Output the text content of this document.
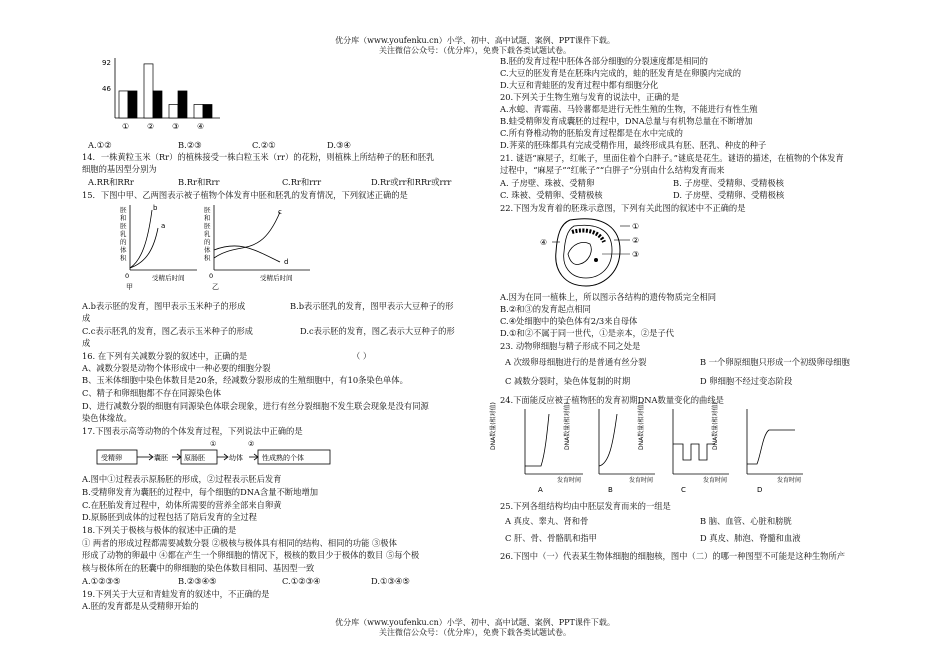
优分库（www.youfenku.cn）小学、初中、高中试题、案例、PPT课件下载。
关注微信公众号：（优分库），免费下载各类试题试卷。
92
46
① ② ③ ④
A.①②	B.②③	C.②①	D.③④
14．一株黄粒玉米（Rr）的植株接受一株白粒玉米（rr）的花粉，则植株上所结种子的胚和胚乳
细胞的基因型分别为
A.RR和RRr	B.Rr和Rrr	C.Rr和rrr	D.Rr或rr和RRr或rrr
15．下图中甲、乙两图表示被子植物个体发育中胚和胚乳的发育情况，下列叙述正确的是
胚
和
胚
乳
的
体
积
b
a
0	受精后时间
甲
胚
和
胚
乳
的
体
积
c
d
0	受精后时间
乙
A.b表示胚的发育，图甲表示玉米种子的形成	B.b表示胚乳的发育，图甲表示大豆种子的形
成
C.c表示胚乳的发育，图乙表示玉米种子的形成	D.c表示胚的发育，图乙表示大豆种子的形
成
16. 在下列有关减数分裂的叙述中，正确的是	（ ）
A、减数分裂是动物个体形成中一种必要的细胞分裂
B、玉米体细胞中染色体数目是20条，经减数分裂形成的生殖细胞中，有10条染色单体。
C、精子和卵细胞都不存在同源染色体
D、进行减数分裂的细胞有同源染色体联会现象，进行有丝分裂细胞不发生联会现象是没有同源
染色体缘故。
17.下图表示高等动物的个体发育过程，下列说法中正确的是
受精卵	囊胚 原肠胚
①
幼体
②
性成熟的个体
A.图中①过程表示原肠胚的形成，②过程表示胚后发育
B.受精卵发育为囊胚的过程中，每个细胞的DNA含量不断地增加
C.在胚胎发育过程中，幼体所需要的营养全部来自卵黄
D.原肠胚到成体的过程包括了陪后发育的全过程
18.下列关于极核与极体的叙述中正确的是
① 两者的形成过程都需要减数分裂 ②极核与极体具有相同的结构、相同的功能 ③极体
形成了动物的卵最中 ④都在产生一个卵细胞的情况下，极核的数目少于极体的数目 ⑤每个极
核与极体所在的胚囊中的卵细胞的染色体数目相同、基因型一致
A.①②③⑤	B.②③④⑤	C.①②③④	D.①③④⑤
19.下列关于大豆和青蛙发育的叙述中，不正确的是
A.胚的发育都是从受精卵开始的
B.胚的发育过程中胚体各部分细胞的分裂速度都是相同的
C.大豆的胚发育是在胚珠内完成的，蛙的胚发育是在卵膜内完成的
D.大豆和青蛙胚的发育过程中都有细胞分化
20.下列关于生物生殖与发育的说法中，正确的是
A.水螅、青霉菌、马铃薯都是进行无性生殖的生物，不能进行有性生殖
B.蛙受精卵发育成囊胚的过程中，DNA总量与有机物总量在不断增加
C.所有脊椎动物的胚胎发育过程都是在水中完成的
D.荠菜的胚珠都具有完成受精作用，最终形成具有胚、胚乳、种皮的种子
21. 谜语“麻屋子，红帐子，里面住着个白胖子。”谜底是花生。谜语的描述，在植物的个体发育
过程中，“麻屋子”“红帐子”“白胖子”分别由什么结构发育而来
A. 子房壁、珠被、受精卵	B. 子房壁、受精卵、受精极核
C. 珠被、受精卵、受精极核	D. 子房壁、受精卵、受精极核
22.下图为发育着的胚珠示意图，下列有关此图的叙述中不正确的是
①
②
③
④
A.因为在同一植株上，所以图示各结构的遗传物质完全相同
B.②和③的发育起点相同
C.④处细胞中的染色体有2/3来自母体
D.①和②不属于同一世代，①是亲本，②是子代
23. 动物卵细胞与精子形成不同之处是
A 次级卵母细胞进行的是普通有丝分裂	B 一个卵原细胞只形成一个初级卵母细胞
C 减数分裂时，染色体复制的时期	D 卵细胞不经过变态阶段
24.下面能反应被子植物胚的发育初期DNA数量变化的曲线是
DNA数量(相对值)
发育时间
A
DNA数量(相对值)
发育时间
B
DNA数量(相对值)
发育时间
C
DNA数量(相对值)
发育时间
D
25.下列各组结构均由中胚层发育而来的一组是
A 真皮、睾丸、肾和骨	B 脑、血管、心脏和膀胱
C 肝、骨、骨骼肌和指甲	D 真皮、肺泡、脊髓和血液
26.下图中（一）代表某生物体细胞的细胞核，图中（二）的哪一种图型不可能是这种生物所产
优分库（www.youfenku.cn）小学、初中、高中试题、案例、PPT课件下载。
关注微信公众号：（优分库），免费下载各类试题试卷。
